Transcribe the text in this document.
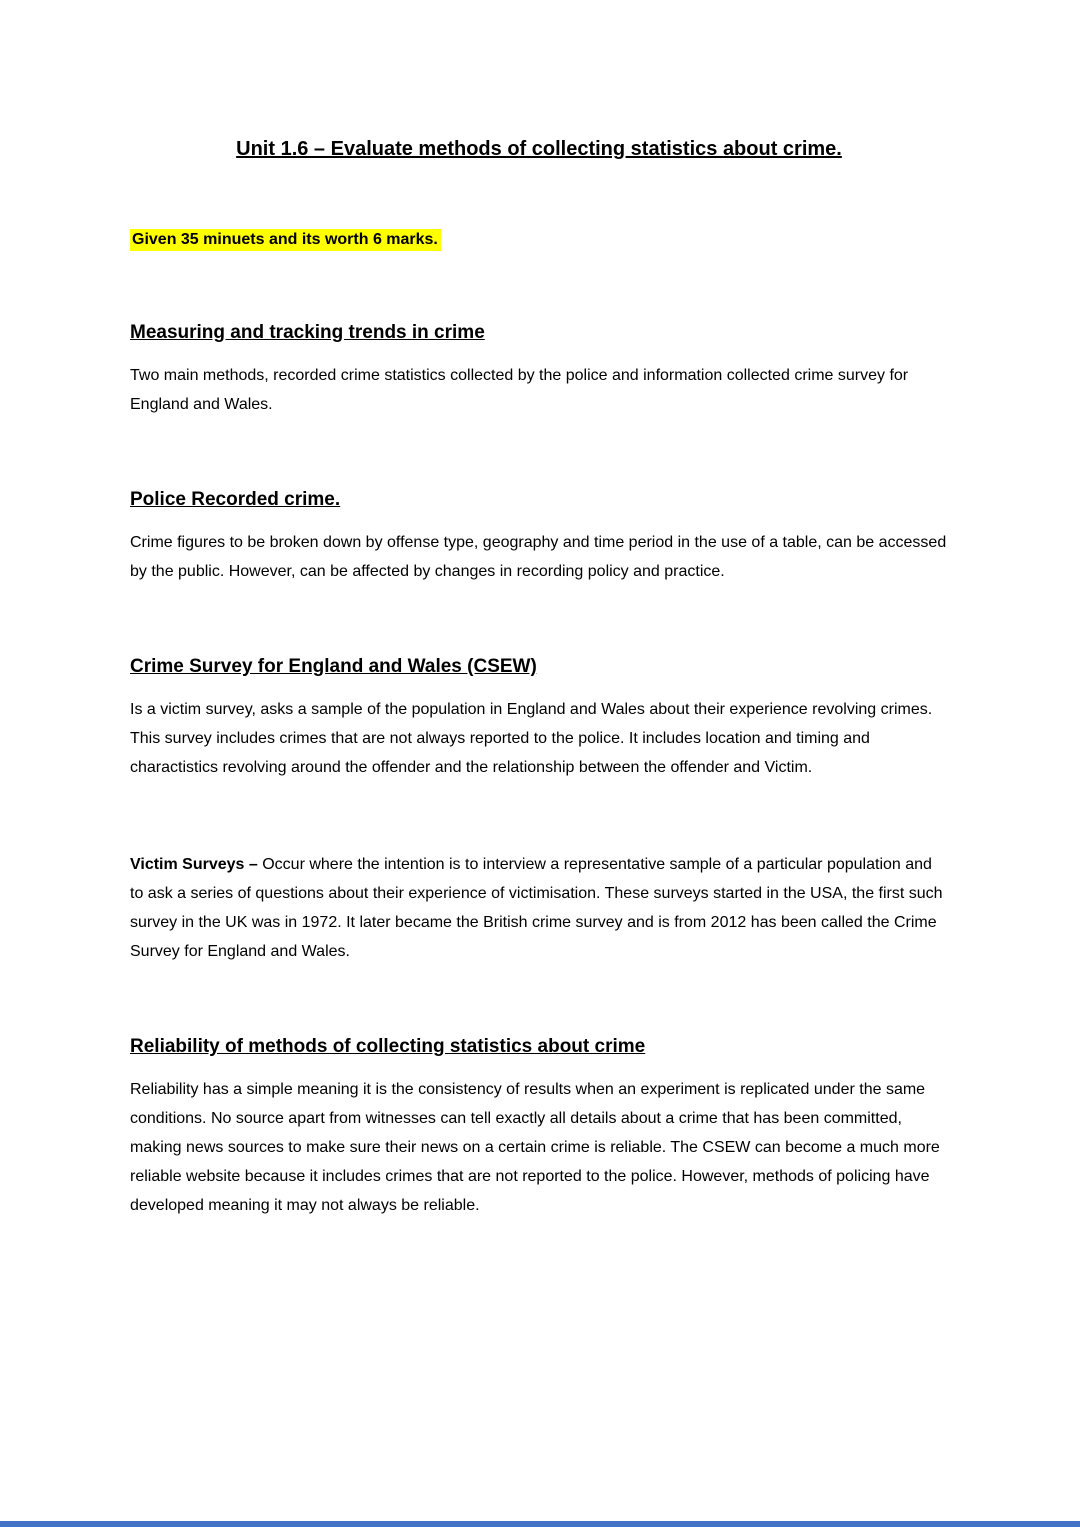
Unit 1.6 – Evaluate methods of collecting statistics about crime.

Given 35 minuets and its worth 6 marks.

Measuring and tracking trends in crime

Two main methods, recorded crime statistics collected by the police and information collected crime survey for England and Wales.

Police Recorded crime.

Crime figures to be broken down by offense type, geography and time period in the use of a table, can be accessed by the public. However, can be affected by changes in recording policy and practice.

Crime Survey for England and Wales (CSEW)

Is a victim survey, asks a sample of the population in England and Wales about their experience revolving crimes. This survey includes crimes that are not always reported to the police. It includes location and timing and charactistics revolving around the offender and the relationship between the offender and Victim.

Victim Surveys – Occur where the intention is to interview a representative sample of a particular population and to ask a series of questions about their experience of victimisation. These surveys started in the USA, the first such survey in the UK was in 1972. It later became the British crime survey and is from 2012 has been called the Crime Survey for England and Wales.

Reliability of methods of collecting statistics about crime

Reliability has a simple meaning it is the consistency of results when an experiment is replicated under the same conditions. No source apart from witnesses can tell exactly all details about a crime that has been committed, making news sources to make sure their news on a certain crime is reliable. The CSEW can become a much more reliable website because it includes crimes that are not reported to the police. However, methods of policing have developed meaning it may not always be reliable.
